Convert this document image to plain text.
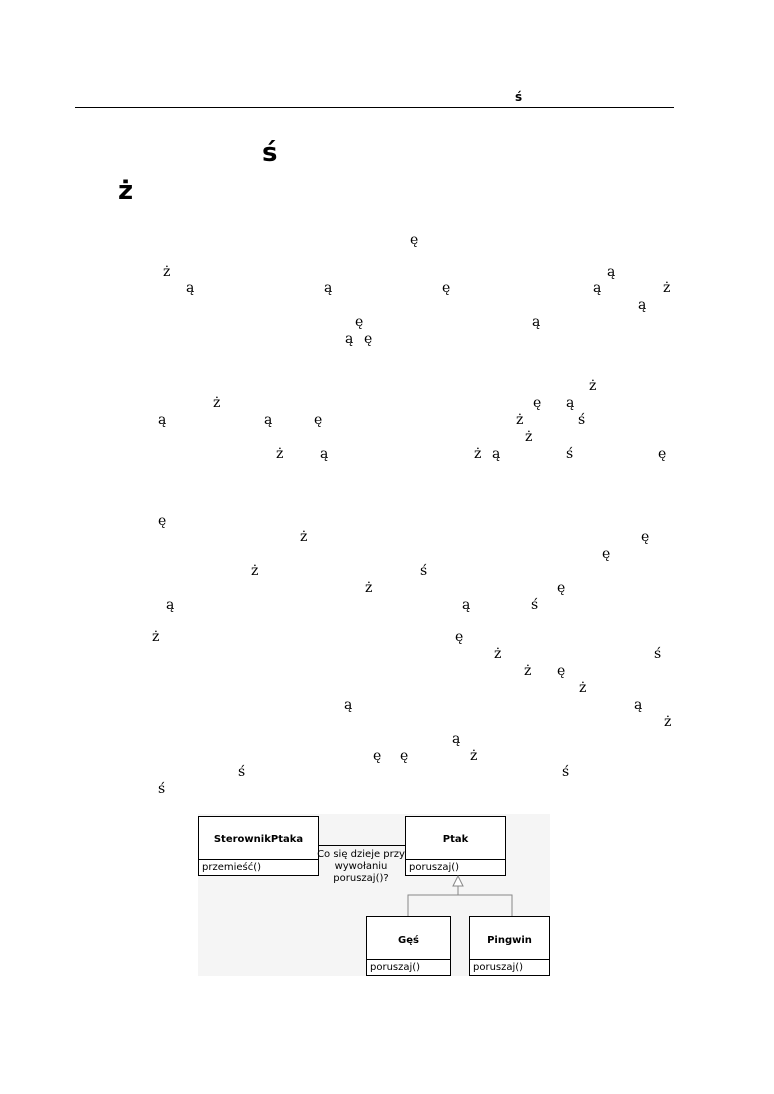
ś
ś
ż
ę
ż	ą
ą	ą	ę	ą	ż
ą
ę	ą
ą ę
ż
ż	ę ą
ą	ą	ę	ż	ś
ż
ż	ą	ż ą	ś	ę
ę
ż	ę
ę
ż	ś
ż	ę
ą	ą	ś
ż	ę
ż	ś
ż ę
ż
ą	ą
ż
ą
ę ę	ż
ś	ś
ś
SterownikPtaka
przemieść()
Ptak
poruszaj()
Gęś
poruszaj()
Pingwin
poruszaj()
Co się dzieje przy wywołaniu poruszaj()?
